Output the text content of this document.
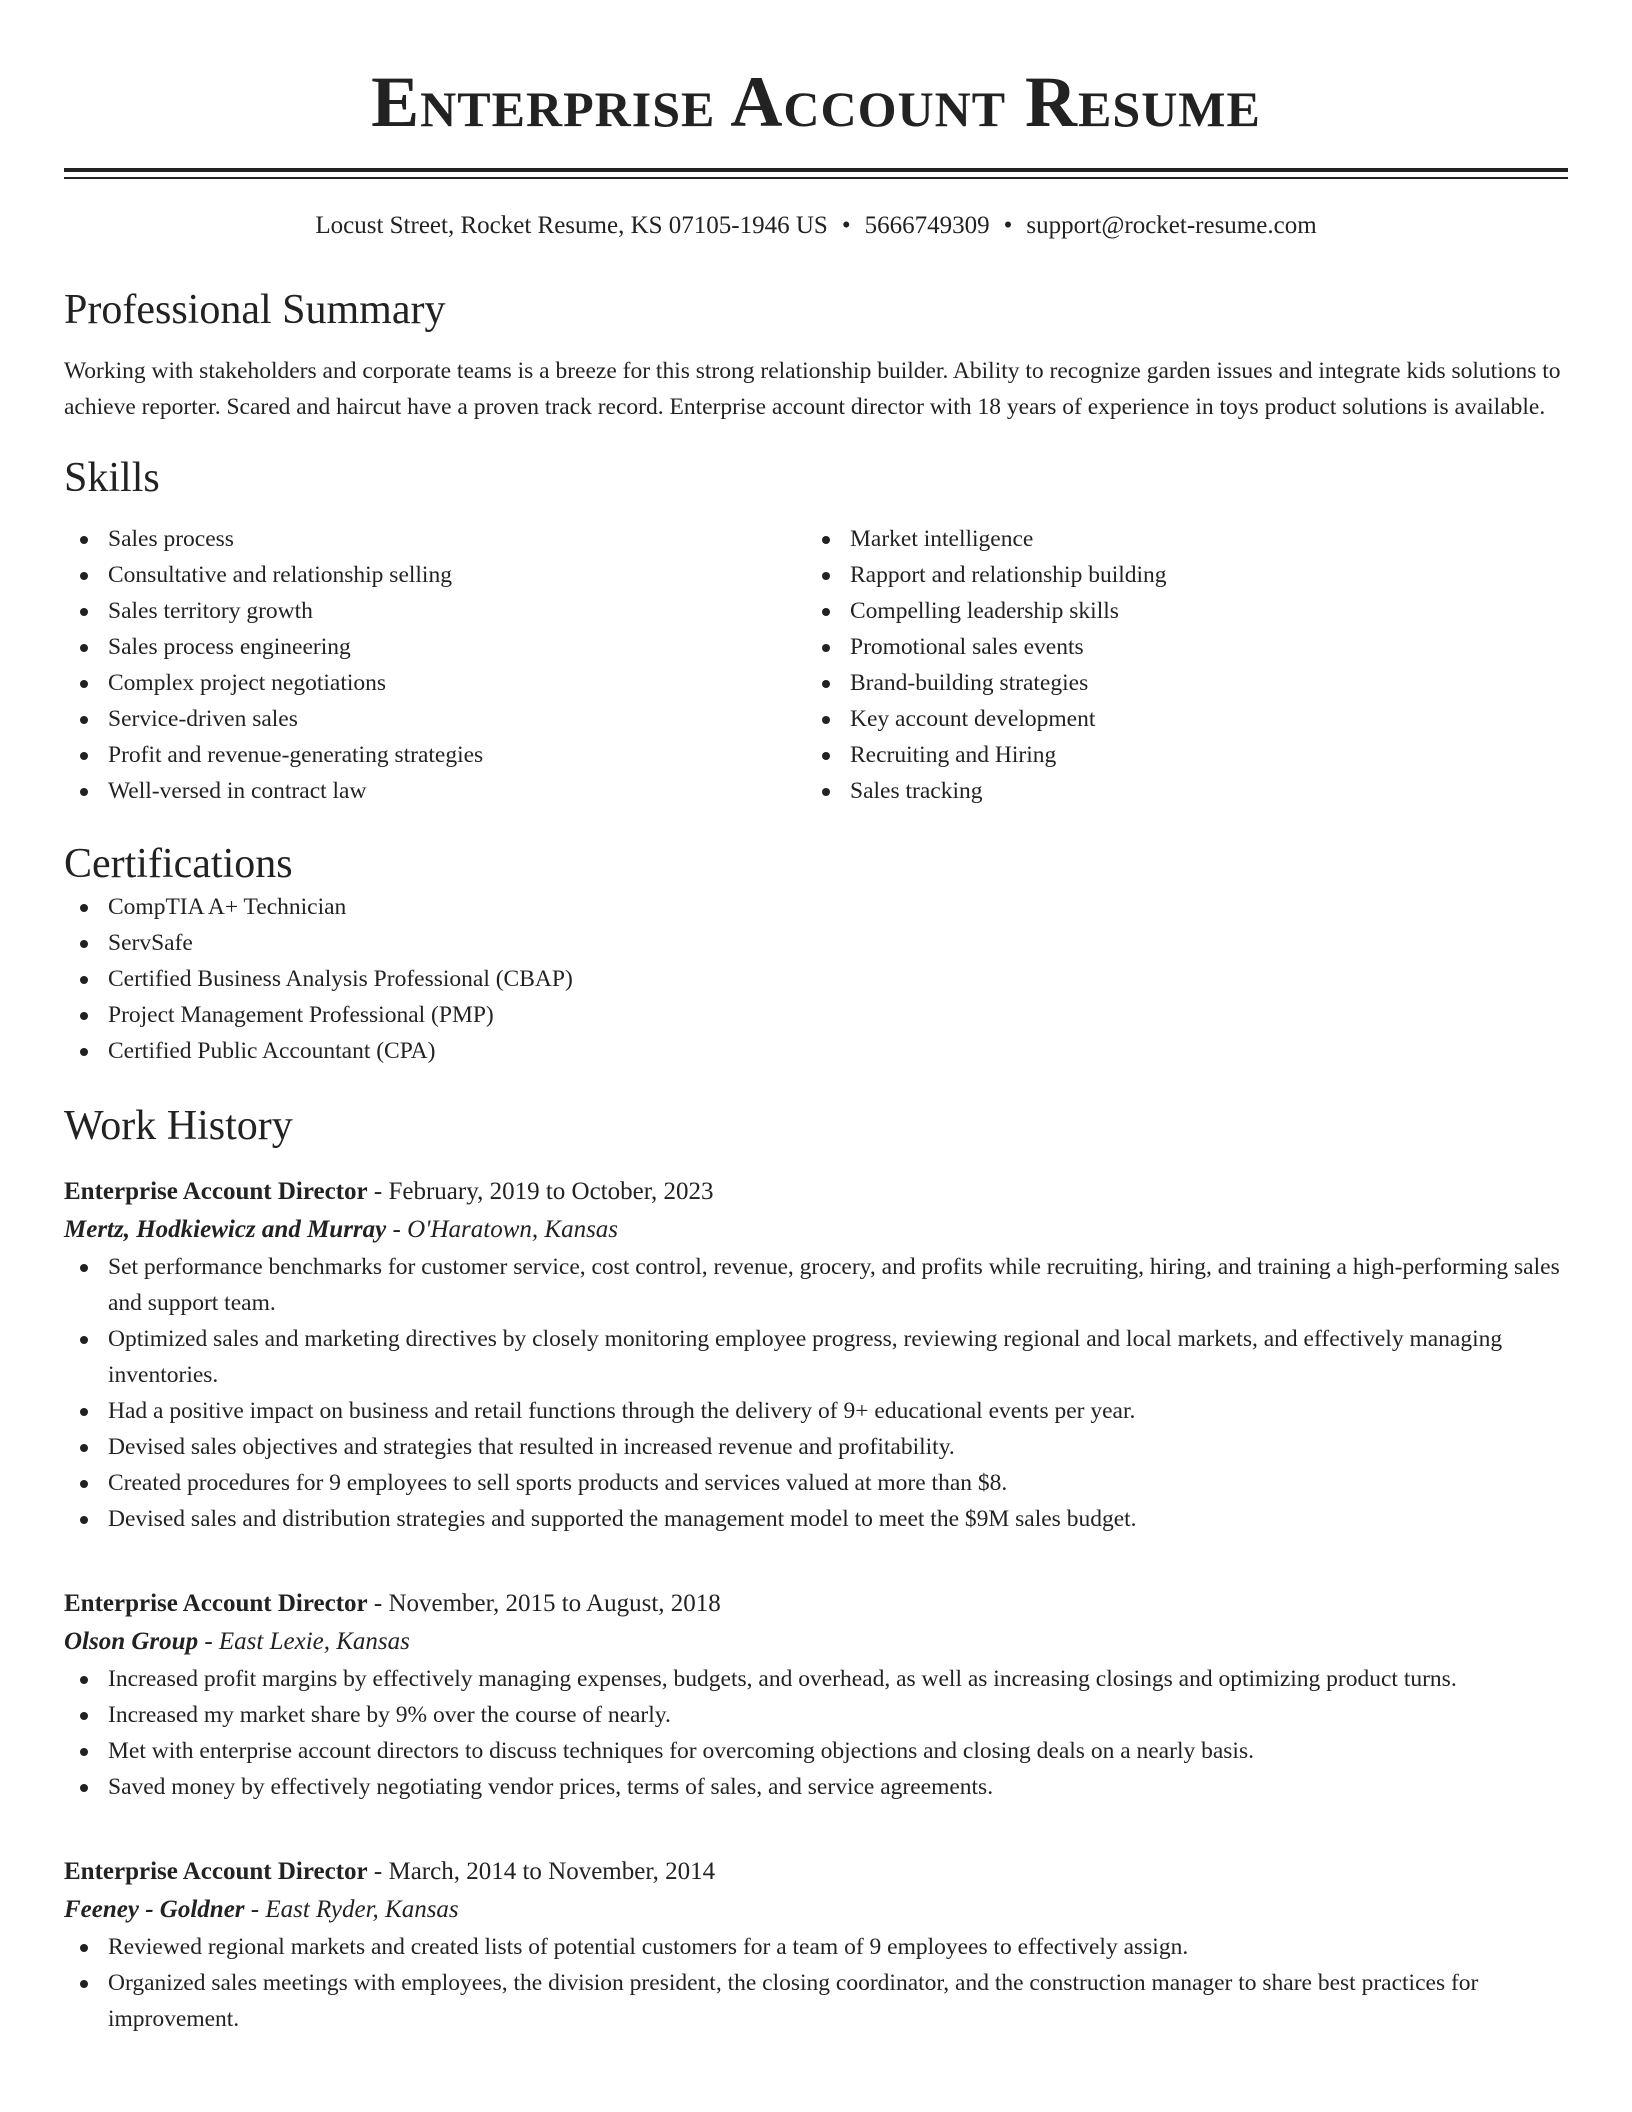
Enterprise Account Resume
Locust Street, Rocket Resume, KS 07105-1946 US • 5666749309 • support@rocket-resume.com
Professional Summary

Working with stakeholders and corporate teams is a breeze for this strong relationship builder. Ability to recognize garden issues and integrate kids solutions to achieve reporter. Scared and haircut have a proven track record. Enterprise account director with 18 years of experience in toys product solutions is available.

Skills
Sales process
Consultative and relationship selling
Sales territory growth
Sales process engineering
Complex project negotiations
Service-driven sales
Profit and revenue-generating strategies
Well-versed in contract law
Market intelligence
Rapport and relationship building
Compelling leadership skills
Promotional sales events
Brand-building strategies
Key account development
Recruiting and Hiring
Sales tracking
Certifications
CompTIA A+ Technician
ServSafe
Certified Business Analysis Professional (CBAP)
Project Management Professional (PMP)
Certified Public Accountant (CPA)
Work History
Enterprise Account Director - February, 2019 to October, 2023
Mertz, Hodkiewicz and Murray - O'Haratown, Kansas
Set performance benchmarks for customer service, cost control, revenue, grocery, and profits while recruiting, hiring, and training a high-performing sales and support team.
Optimized sales and marketing directives by closely monitoring employee progress, reviewing regional and local markets, and effectively managing inventories.
Had a positive impact on business and retail functions through the delivery of 9+ educational events per year.
Devised sales objectives and strategies that resulted in increased revenue and profitability.
Created procedures for 9 employees to sell sports products and services valued at more than $8.
Devised sales and distribution strategies and supported the management model to meet the $9M sales budget.
Enterprise Account Director - November, 2015 to August, 2018
Olson Group - East Lexie, Kansas
Increased profit margins by effectively managing expenses, budgets, and overhead, as well as increasing closings and optimizing product turns.
Increased my market share by 9% over the course of nearly.
Met with enterprise account directors to discuss techniques for overcoming objections and closing deals on a nearly basis.
Saved money by effectively negotiating vendor prices, terms of sales, and service agreements.
Enterprise Account Director - March, 2014 to November, 2014
Feeney - Goldner - East Ryder, Kansas
Reviewed regional markets and created lists of potential customers for a team of 9 employees to effectively assign.
Organized sales meetings with employees, the division president, the closing coordinator, and the construction manager to share best practices for improvement.
